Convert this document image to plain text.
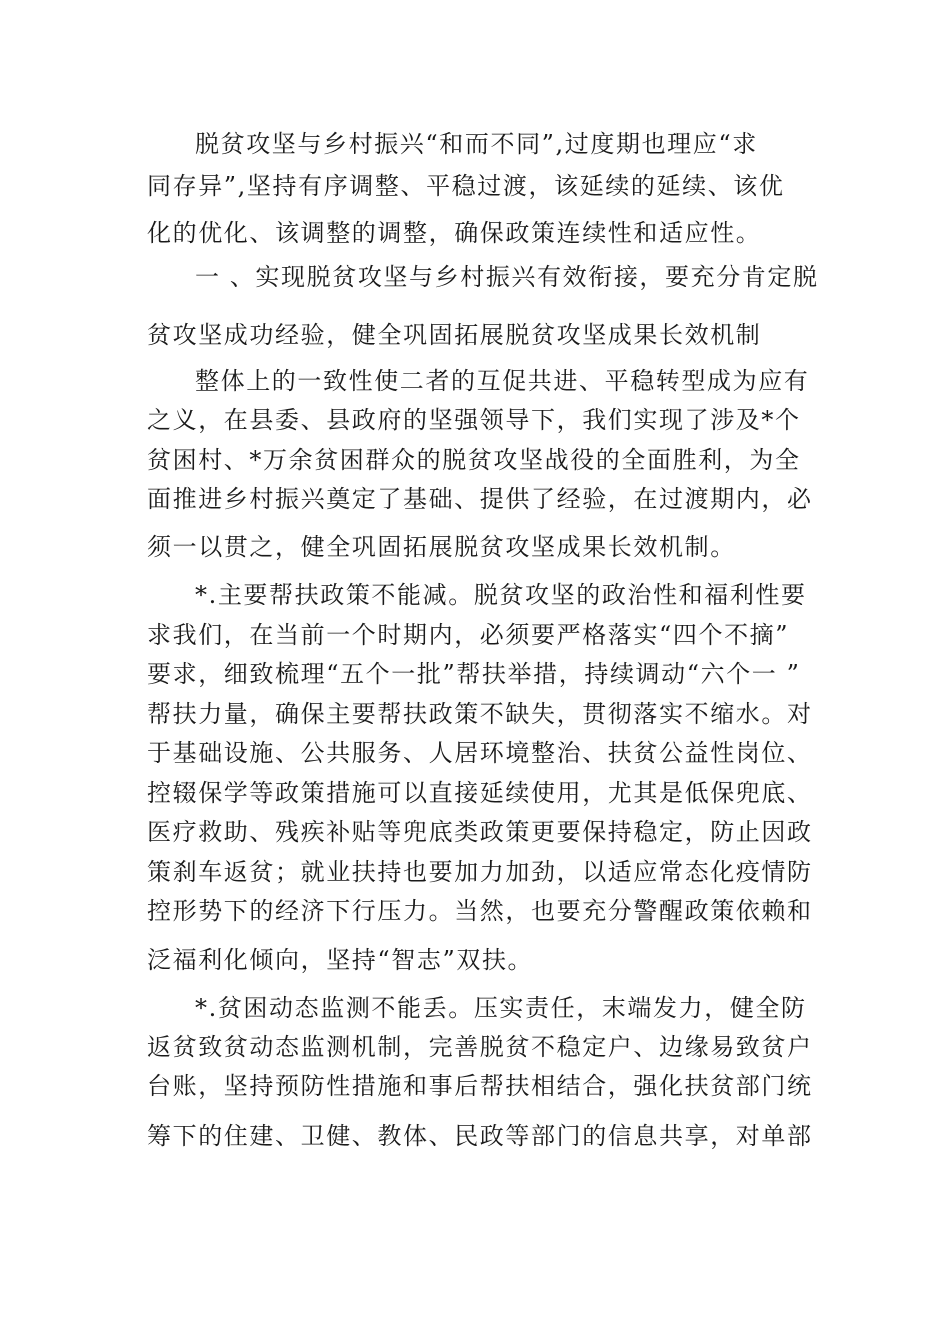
脱贫攻坚与乡村振兴“和而不同”,过度期也理应“求
同存异”,坚持有序调整、平稳过渡，该延续的延续、该优
化的优化、该调整的调整，确保政策连续性和适应性。
一 、实现脱贫攻坚与乡村振兴有效衔接，要充分肯定脱
贫攻坚成功经验，健全巩固拓展脱贫攻坚成果长效机制
整体上的一致性使二者的互促共进、平稳转型成为应有
之义，在县委、县政府的坚强领导下，我们实现了涉及*个
贫困村、*万余贫困群众的脱贫攻坚战役的全面胜利，为全
面推进乡村振兴奠定了基础、提供了经验，在过渡期内，必
须一以贯之，健全巩固拓展脱贫攻坚成果长效机制。
*.主要帮扶政策不能减。脱贫攻坚的政治性和福利性要
求我们，在当前一个时期内，必须要严格落实“四个不摘”
要求，细致梳理“五个一批”帮扶举措，持续调动“六个一 ”
帮扶力量，确保主要帮扶政策不缺失，贯彻落实不缩水。对
于基础设施、公共服务、人居环境整治、扶贫公益性岗位、
控辍保学等政策措施可以直接延续使用，尤其是低保兜底、
医疗救助、残疾补贴等兜底类政策更要保持稳定，防止因政
策刹车返贫；就业扶持也要加力加劲，以适应常态化疫情防
控形势下的经济下行压力。当然，也要充分警醒政策依赖和
泛福利化倾向，坚持“智志”双扶。
*.贫困动态监测不能丢。压实责任，末端发力，健全防
返贫致贫动态监测机制，完善脱贫不稳定户、边缘易致贫户
台账，坚持预防性措施和事后帮扶相结合，强化扶贫部门统
筹下的住建、卫健、教体、民政等部门的信息共享，对单部
